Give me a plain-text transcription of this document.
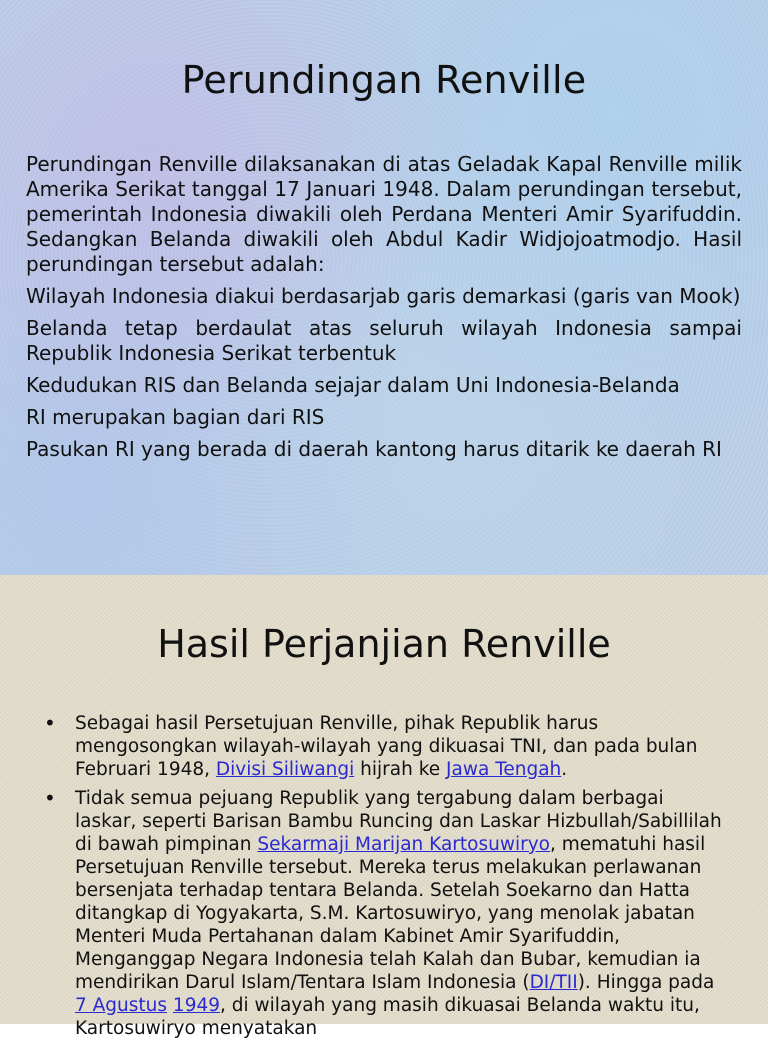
Perundingan Renville

Perundingan Renville dilaksanakan di atas Geladak Kapal Renville milik Amerika Serikat tanggal 17 Januari 1948. Dalam perundingan tersebut, pemerintah Indonesia diwakili oleh Perdana Menteri Amir Syarifuddin. Sedangkan Belanda diwakili oleh Abdul Kadir Widjojoatmodjo. Hasil perundingan tersebut adalah:

Wilayah Indonesia diakui berdasarjab garis demarkasi (garis van Mook)

Belanda tetap berdaulat atas seluruh wilayah Indonesia sampai Republik Indonesia Serikat terbentuk

Kedudukan RIS dan Belanda sejajar dalam Uni Indonesia-Belanda

RI merupakan bagian dari RIS

Pasukan RI yang berada di daerah kantong harus ditarik ke daerah RI

Hasil Perjanjian Renville
• Sebagai hasil Persetujuan Renville, pihak Republik harus mengosongkan wilayah-wilayah yang dikuasai TNI, dan pada bulan Februari 1948, Divisi Siliwangi hijrah ke Jawa Tengah.
• Tidak semua pejuang Republik yang tergabung dalam berbagai laskar, seperti Barisan Bambu Runcing dan Laskar Hizbullah/Sabillilah di bawah pimpinan Sekarmaji Marijan Kartosuwiryo, mematuhi hasil Persetujuan Renville tersebut. Mereka terus melakukan perlawanan bersenjata terhadap tentara Belanda. Setelah Soekarno dan Hatta ditangkap di Yogyakarta, S.M. Kartosuwiryo, yang menolak jabatan Menteri Muda Pertahanan dalam Kabinet Amir Syarifuddin, Menganggap Negara Indonesia telah Kalah dan Bubar, kemudian ia mendirikan Darul Islam/Tentara Islam Indonesia (DI/TII). Hingga pada 7 Agustus 1949, di wilayah yang masih dikuasai Belanda waktu itu, Kartosuwiryo menyatakan
